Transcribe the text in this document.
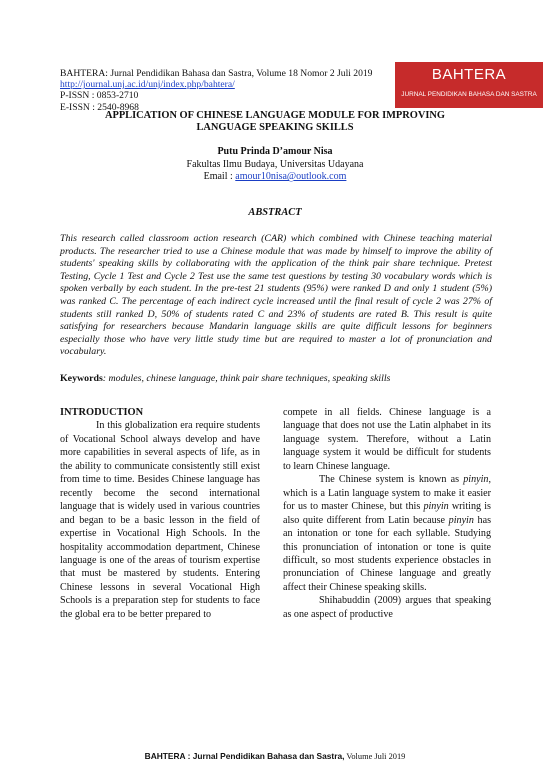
BAHTERA: Jurnal Pendidikan Bahasa dan Sastra, Volume 18 Nomor 2 Juli 2019
http://journal.unj.ac.id/unj/index.php/bahtera/
P-ISSN : 0853-2710
E-ISSN : 2540-8968
BAHTERA
JURNAL PENDIDIKAN BAHASA DAN SASTRA
APPLICATION OF CHINESE LANGUAGE MODULE FOR IMPROVING
LANGUAGE SPEAKING SKILLS
Putu Prinda D’amour Nisa
Fakultas Ilmu Budaya, Universitas Udayana
Email : amour10nisa@outlook.com
ABSTRACT
This research called classroom action research (CAR) which combined with Chinese teaching material products. The researcher tried to use a Chinese module that was made by himself to improve the ability of students' speaking skills by collaborating with the application of the think pair share technique. Pretest Testing, Cycle 1 Test and Cycle 2 Test use the same test questions by testing 30 vocabulary words which is spoken verbally by each student. In the pre-test 21 students (95%) were ranked D and only 1 student (5%) was ranked C. The percentage of each indirect cycle increased until the final result of cycle 2 was 27% of students still ranked D, 50% of students rated C and 23% of students are rated B. This result is quite satisfying for researchers because Mandarin language skills are quite difficult lessons for beginners especially those who have very little study time but are required to master a lot of pronunciation and vocabulary.
Keywords: modules, chinese language, think pair share techniques, speaking skills
INTRODUCTION

In this globalization era require students of Vocational School always develop and have more capabilities in several aspects of life, as in the ability to communicate consistently still exist from time to time. Besides Chinese language has recently become the second international language that is widely used in various countries and began to be a basic lesson in the field of expertise in Vocational High Schools. In the hospitality accommodation department, Chinese language is one of the areas of tourism expertise that must be mastered by students. Entering Chinese lessons in several Vocational High Schools is a preparation step for students to face the global era to be better prepared to

compete in all fields. Chinese language is a language that does not use the Latin alphabet in its language system. Therefore, without a Latin language system it would be difficult for students to learn Chinese language.

The Chinese system is known as pinyin, which is a Latin language system to make it easier for us to master Chinese, but this pinyin writing is also quite different from Latin because pinyin has an intonation or tone for each syllable. Studying this pronunciation of intonation or tone is quite difficult, so most students experience obstacles in pronunciation of Chinese language and greatly affect their Chinese speaking skills.

Shihabuddin (2009) argues that speaking as one aspect of productive

BAHTERA : Jurnal Pendidikan Bahasa dan Sastra, Volume Juli 2019
